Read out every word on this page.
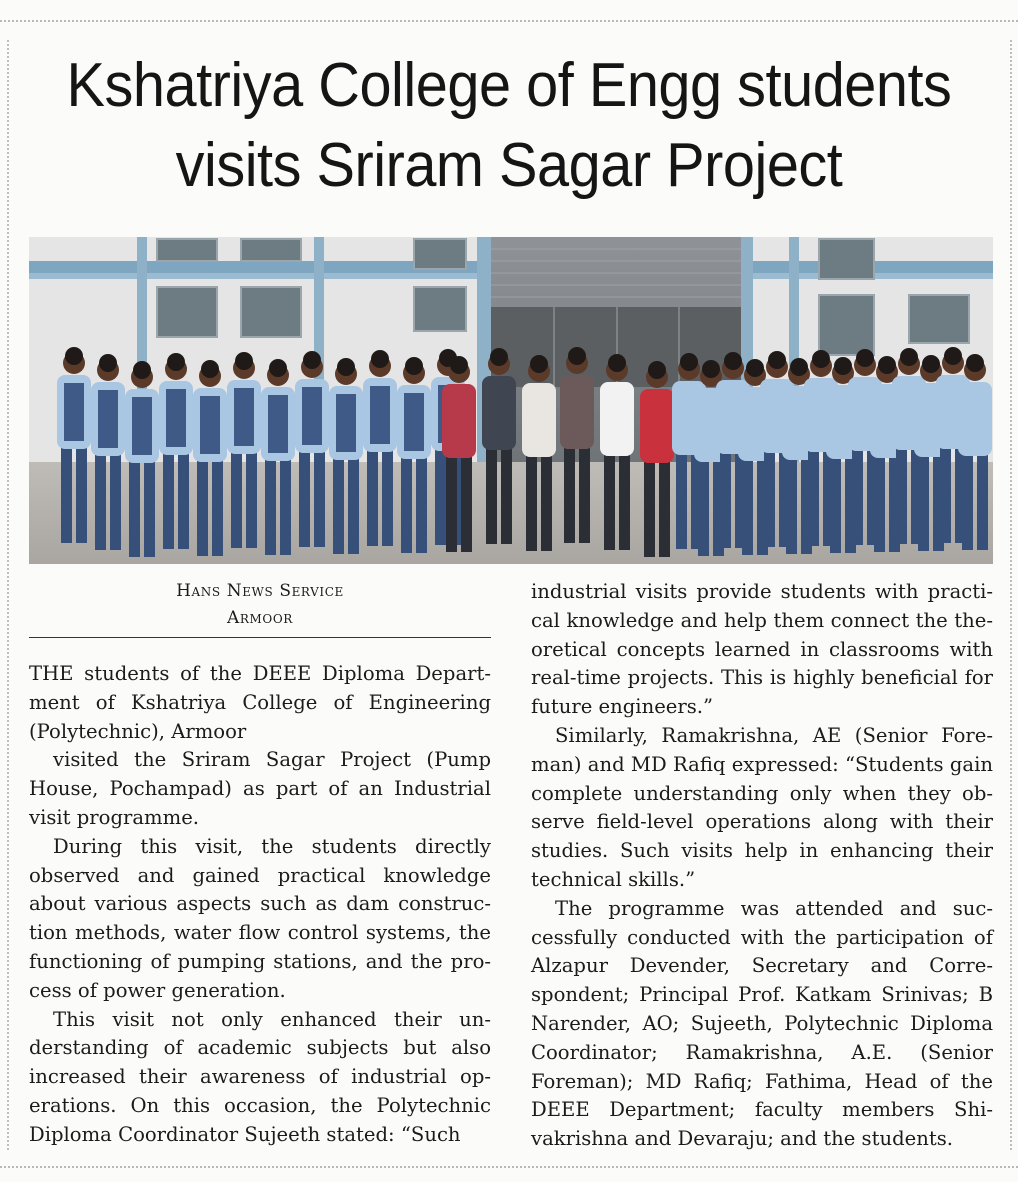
Kshatriya College of Engg students
visits Sriram Sagar Project
Hans News Service
Armoor

THE students of the DEEE Diploma Depart-ment of Kshatriya College of Engineering (Polytechnic), Armoor

visited the Sriram Sagar Project (Pump House, Pochampad) as part of an Industrial visit programme.

During this visit, the students directly observed and gained practical knowledge about various aspects such as dam construc-tion methods, water flow control systems, the functioning of pumping stations, and the pro-cess of power generation.

This visit not only enhanced their un-derstanding of academic subjects but also increased their awareness of industrial op-erations. On this occasion, the Polytechnic Diploma Coordinator Sujeeth stated: “Such

industrial visits provide students with practi-cal knowledge and help them connect the the-oretical concepts learned in classrooms with real-time projects. This is highly beneficial for future engineers.”

Similarly, Ramakrishna, AE (Senior Fore-man) and MD Rafiq expressed: “Students gain complete understanding only when they ob-serve field-level operations along with their studies. Such visits help in enhancing their technical skills.”

The programme was attended and suc-cessfully conducted with the participation of Alzapur Devender, Secretary and Corre-spondent; Principal Prof. Katkam Srinivas; B Narender, AO; Sujeeth, Polytechnic Diploma Coordinator; Ramakrishna, A.E. (Senior Foreman); MD Rafiq; Fathima, Head of the DEEE Department; faculty members Shi-vakrishna and Devaraju; and the students.
